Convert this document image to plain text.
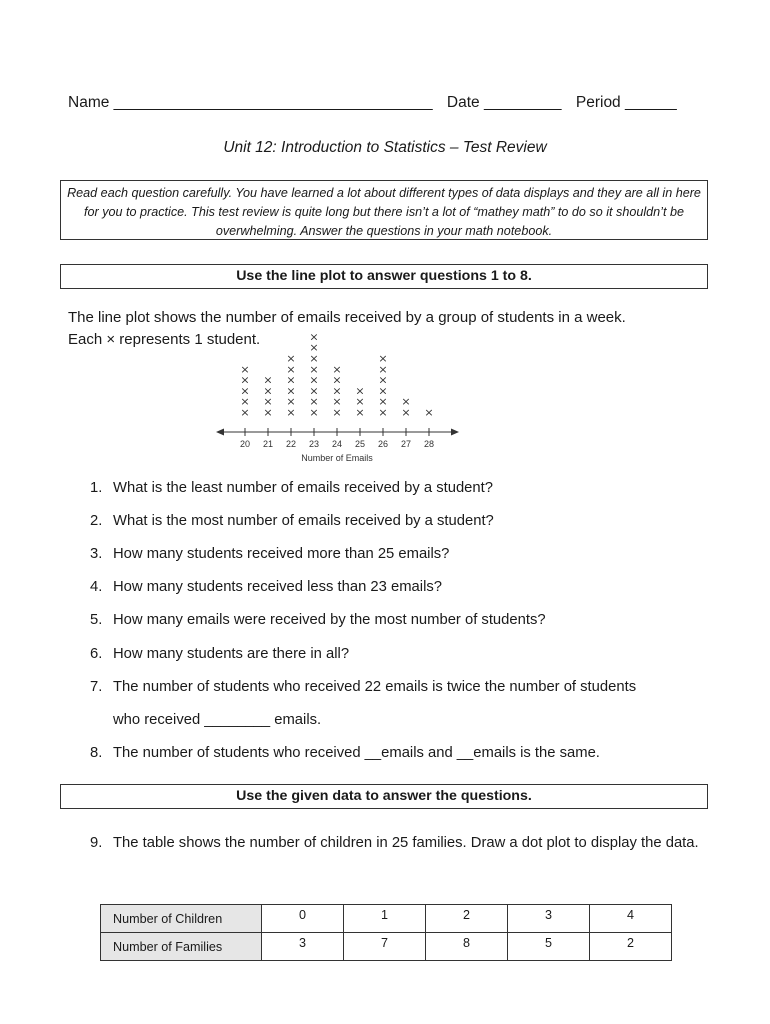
Name _____________________________________ Date _________ Period ______
Unit 12: Introduction to Statistics – Test Review
Read each question carefully. You have learned a lot about different types of data displays and they are all in here for you to practice. This test review is quite long but there isn’t a lot of “mathey math” to do so it shouldn’t be overwhelming. Answer the questions in your math notebook.
Use the line plot to answer questions 1 to 8.
The line plot shows the number of emails received by a group of students in a week.
Each × represents 1 student.
20
×
×
×
×
×
21
×
×
×
×
22
×
×
×
×
×
×
23
×
×
×
×
×
×
×
×
24
×
×
×
×
×
25
×
×
×
26
×
×
×
×
×
×
27
×
×
28
×
Number of Emails
1. What is the least number of emails received by a student?
2. What is the most number of emails received by a student?
3. How many students received more than 25 emails?
4. How many students received less than 23 emails?
5. How many emails were received by the most number of students?
6. How many students are there in all?
7. The number of students who received 22 emails is twice the number of students
who received ________ emails.
8. The number of students who received __emails and __emails is the same.
Use the given data to answer the questions.
9. The table shows the number of children in 25 families. Draw a dot plot to display the data.
Number of Children	0	1	2	3	4
Number of Families	3	7	8	5	2
